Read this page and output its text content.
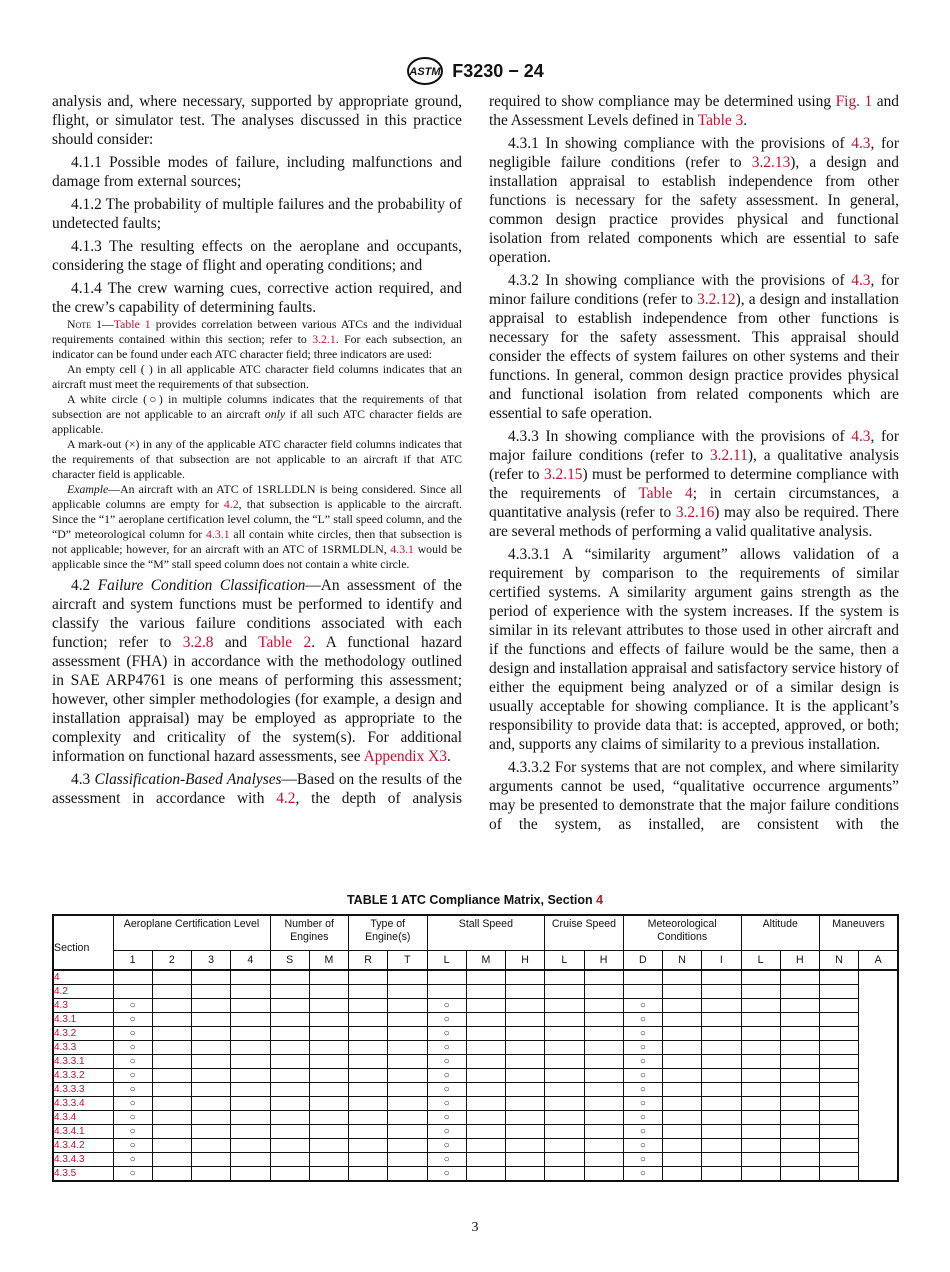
ASTM F3230 − 24

analysis and, where necessary, supported by appropriate ground, flight, or simulator test. The analyses discussed in this practice should consider:

4.1.1 Possible modes of failure, including malfunctions and damage from external sources;

4.1.2 The probability of multiple failures and the probability of undetected faults;

4.1.3 The resulting effects on the aeroplane and occupants, considering the stage of flight and operating conditions; and

4.1.4 The crew warning cues, corrective action required, and the crew’s capability of determining faults.

Note 1—Table 1 provides correlation between various ATCs and the individual requirements contained within this section; refer to 3.2.1. For each subsection, an indicator can be found under each ATC character field; three indicators are used:

An empty cell ( ) in all applicable ATC character field columns indicates that an aircraft must meet the requirements of that subsection.

A white circle (○) in multiple columns indicates that the requirements of that subsection are not applicable to an aircraft only if all such ATC character fields are applicable.

A mark-out (×) in any of the applicable ATC character field columns indicates that the requirements of that subsection are not applicable to an aircraft if that ATC character field is applicable.

Example—An aircraft with an ATC of 1SRLLDLN is being considered. Since all applicable columns are empty for 4.2, that subsection is applicable to the aircraft. Since the “1” aeroplane certification level column, the “L” stall speed column, and the “D” meteorological column for 4.3.1 all contain white circles, then that subsection is not applicable; however, for an aircraft with an ATC of 1SRMLDLN, 4.3.1 would be applicable since the “M” stall speed column does not contain a white circle.

4.2 Failure Condition Classification—An assessment of the aircraft and system functions must be performed to identify and classify the various failure conditions associated with each function; refer to 3.2.8 and Table 2. A functional hazard assessment (FHA) in accordance with the methodology outlined in SAE ARP4761 is one means of performing this assessment; however, other simpler methodologies (for example, a design and installation appraisal) may be employed as appropriate to the complexity and criticality of the system(s). For additional information on functional hazard assessments, see Appendix X3.

4.3 Classification-Based Analyses—Based on the results of the assessment in accordance with 4.2, the depth of analysis

required to show compliance may be determined using Fig. 1 and the Assessment Levels defined in Table 3.

4.3.1 In showing compliance with the provisions of 4.3, for negligible failure conditions (refer to 3.2.13), a design and installation appraisal to establish independence from other functions is necessary for the safety assessment. In general, common design practice provides physical and functional isolation from related components which are essential to safe operation.

4.3.2 In showing compliance with the provisions of 4.3, for minor failure conditions (refer to 3.2.12), a design and installation appraisal to establish independence from other functions is necessary for the safety assessment. This appraisal should consider the effects of system failures on other systems and their functions. In general, common design practice provides physical and functional isolation from related components which are essential to safe operation.

4.3.3 In showing compliance with the provisions of 4.3, for major failure conditions (refer to 3.2.11), a qualitative analysis (refer to 3.2.15) must be performed to determine compliance with the requirements of Table 4; in certain circumstances, a quantitative analysis (refer to 3.2.16) may also be required. There are several methods of performing a valid qualitative analysis.

4.3.3.1 A “similarity argument” allows validation of a requirement by comparison to the requirements of similar certified systems. A similarity argument gains strength as the period of experience with the system increases. If the system is similar in its relevant attributes to those used in other aircraft and if the functions and effects of failure would be the same, then a design and installation appraisal and satisfactory service history of either the equipment being analyzed or of a similar design is usually acceptable for showing compliance. It is the applicant’s responsibility to provide data that: is accepted, approved, or both; and, supports any claims of similarity to a previous installation.

4.3.3.2 For systems that are not complex, and where similarity arguments cannot be used, “qualitative occurrence arguments” may be presented to demonstrate that the major failure conditions of the system, as installed, are consistent with the

TABLE 1 ATC Compliance Matrix, Section 4
Section	Aeroplane Certification Level				Number of Engines		Type of Engine(s)		Stall Speed			Cruise Speed		Meteorological Conditions			Altitude		Maneuvers	
	1	2	3	4	S	M	R	T	L	M	H	L	H	D	N	I	L	H	N	A
4																				
4.2																				
4.3	○								○					○						
4.3.1	○								○					○						
4.3.2	○								○					○						
4.3.3	○								○					○						
4.3.3.1	○								○					○						
4.3.3.2	○								○					○						
4.3.3.3	○								○					○						
4.3.3.4	○								○					○						
4.3.4	○								○					○						
4.3.4.1	○								○					○						
4.3.4.2	○								○					○						
4.3.4.3	○								○					○						
4.3.5	○								○					○						
3
